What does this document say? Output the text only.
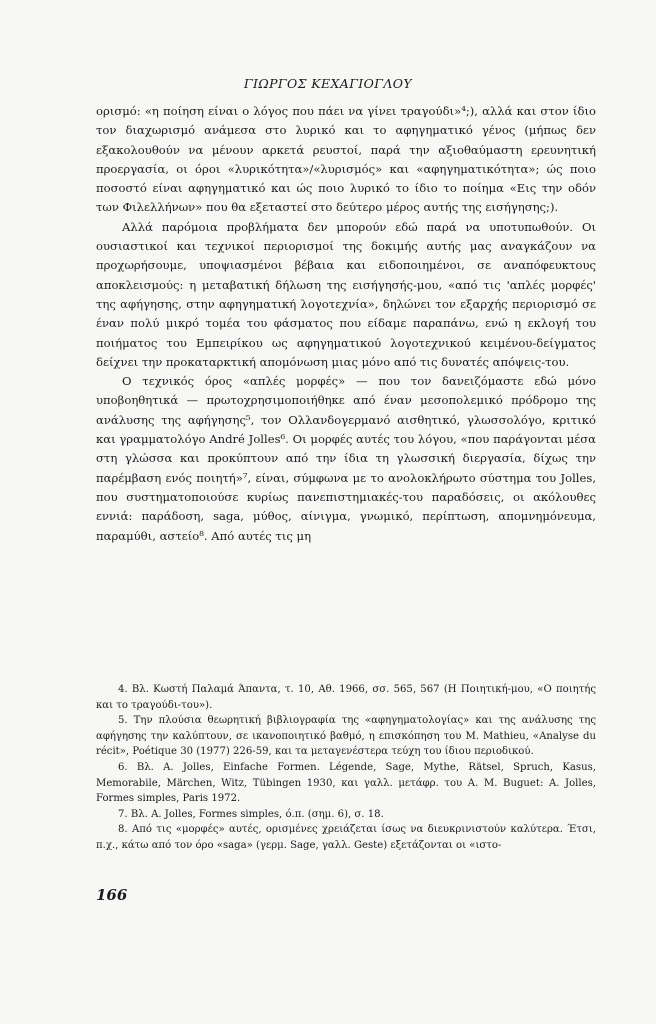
ΓΙΩΡΓΟΣ ΚΕΧΑΓΙΟΓΛΟΥ

ορισμό: «η ποίηση είναι ο λόγος που πάει να γίνει τραγούδι»⁴;), αλλά και στον ίδιο τον διαχωρισμό ανάμεσα στο λυρικό και το αφηγηματικό γένος (μήπως δεν εξακολουθούν να μένουν αρκετά ρευστοί, παρά την αξιοθαύμαστη ερευνητική προεργασία, οι όροι «λυρικότητα»/«λυρισμός» και «αφηγηματικότητα»; ώς ποιο ποσοστό είναι αφηγηματικό και ώς ποιο λυρικό το ίδιο το ποίημα «Εις την οδόν των Φιλελλήνων» που θα εξεταστεί στο δεύτερο μέρος αυτής της εισήγησης;).

Αλλά παρόμοια προβλήματα δεν μπορούν εδώ παρά να υποτυπωθούν. Οι ουσιαστικοί και τεχνικοί περιορισμοί της δοκιμής αυτής μας αναγκάζουν να προχωρήσουμε, υποψιασμένοι βέβαια και ειδοποιημένοι, σε αναπόφευκτους αποκλεισμούς: η μεταβατική δήλωση της εισήγησής-μου, «από τις 'απλές μορφές' της αφήγησης, στην αφηγηματική λογοτεχνία», δηλώνει τον εξαρχής περιορισμό σε έναν πολύ μικρό τομέα του φάσματος που είδαμε παραπάνω, ενώ η εκλογή του ποιήματος του Εμπειρίκου ως αφηγηματικού λογοτεχνικού κειμένου-δείγματος δείχνει την προκαταρκτική απομόνωση μιας μόνο από τις δυνατές απόψεις-του.

Ο τεχνικός όρος «απλές μορφές» — που τον δανειζόμαστε εδώ μόνο υποβοηθητικά — πρωτοχρησιμοποιήθηκε από έναν μεσοπολεμικό πρόδρομο της ανάλυσης της αφήγησης⁵, τον Ολλανδογερμανό αισθητικό, γλωσσολόγο, κριτικό και γραμματολόγο André Jolles⁶. Οι μορφές αυτές του λόγου, «που παράγονται μέσα στη γλώσσα και προκύπτουν από την ίδια τη γλωσσική διεργασία, δίχως την παρέμβαση ενός ποιητή»⁷, είναι, σύμφωνα με το ανολοκλήρωτο σύστημα του Jolles, που συστηματοποιούσε κυρίως πανεπιστημιακές-του παραδόσεις, οι ακόλουθες εννιά: παράδοση, saga, μύθος, αίνιγμα, γνωμικό, περίπτωση, απομνημόνευμα, παραμύθι, αστείο⁸. Από αυτές τις μη

4. Βλ. Κωστή Παλαμά Άπαντα, τ. 10, Αθ. 1966, σσ. 565, 567 (Η Ποιητική-μου, «Ο ποιητής και το τραγούδι-του»).

5. Την πλούσια θεωρητική βιβλιογραφία της «αφηγηματολογίας» και της ανάλυσης της αφήγησης την καλύπτουν, σε ικανοποιητικό βαθμό, η επισκόπηση του M. Mathieu, «Analyse du récit», Poétique 30 (1977) 226-59, και τα μεταγενέστερα τεύχη του ίδιου περιοδικού.

6. Βλ. A. Jolles, Einfache Formen. Légende, Sage, Mythe, Rätsel, Spruch, Kasus, Memorabile, Märchen, Witz, Tübingen 1930, και γαλλ. μετάφρ. του A. M. Buguet: A. Jolles, Formes simples, Paris 1972.

7. Βλ. A. Jolles, Formes simples, ό.π. (σημ. 6), σ. 18.

8. Από τις «μορφές» αυτές, ορισμένες χρειάζεται ίσως να διευκρινιστούν καλύτερα. Έτσι, π.χ., κάτω από τον όρο «saga» (γερμ. Sage, γαλλ. Geste) εξετάζονται οι «ιστο-

166
